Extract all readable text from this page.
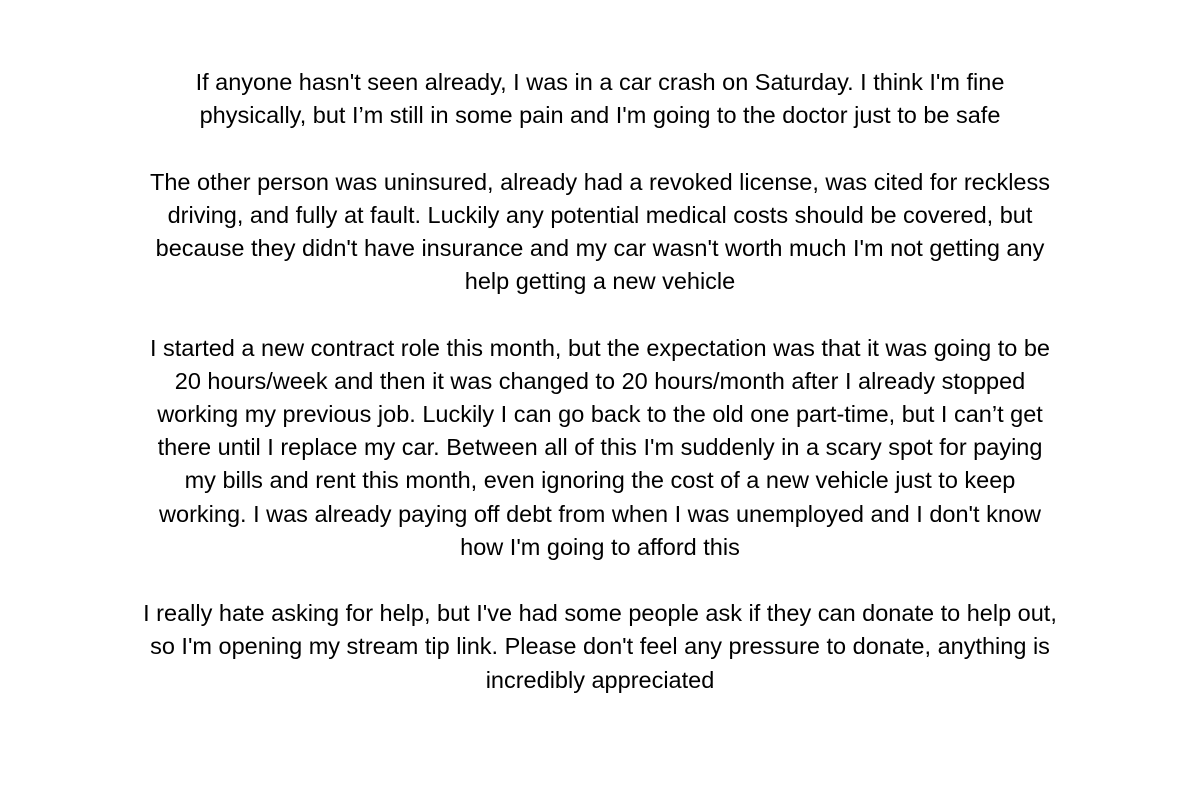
If anyone hasn't seen already, I was in a car crash on Saturday. I think I'm fine
physically, but I’m still in some pain and I'm going to the doctor just to be safe

The other person was uninsured, already had a revoked license, was cited for reckless
driving, and fully at fault. Luckily any potential medical costs should be covered, but
because they didn't have insurance and my car wasn't worth much I'm not getting any
help getting a new vehicle

I started a new contract role this month, but the expectation was that it was going to be
20 hours/week and then it was changed to 20 hours/month after I already stopped
working my previous job. Luckily I can go back to the old one part-time, but I can’t get
there until I replace my car. Between all of this I'm suddenly in a scary spot for paying
my bills and rent this month, even ignoring the cost of a new vehicle just to keep
working. I was already paying off debt from when I was unemployed and I don't know
how I'm going to afford this

I really hate asking for help, but I've had some people ask if they can donate to help out,
so I'm opening my stream tip link. Please don't feel any pressure to donate, anything is
incredibly appreciated
